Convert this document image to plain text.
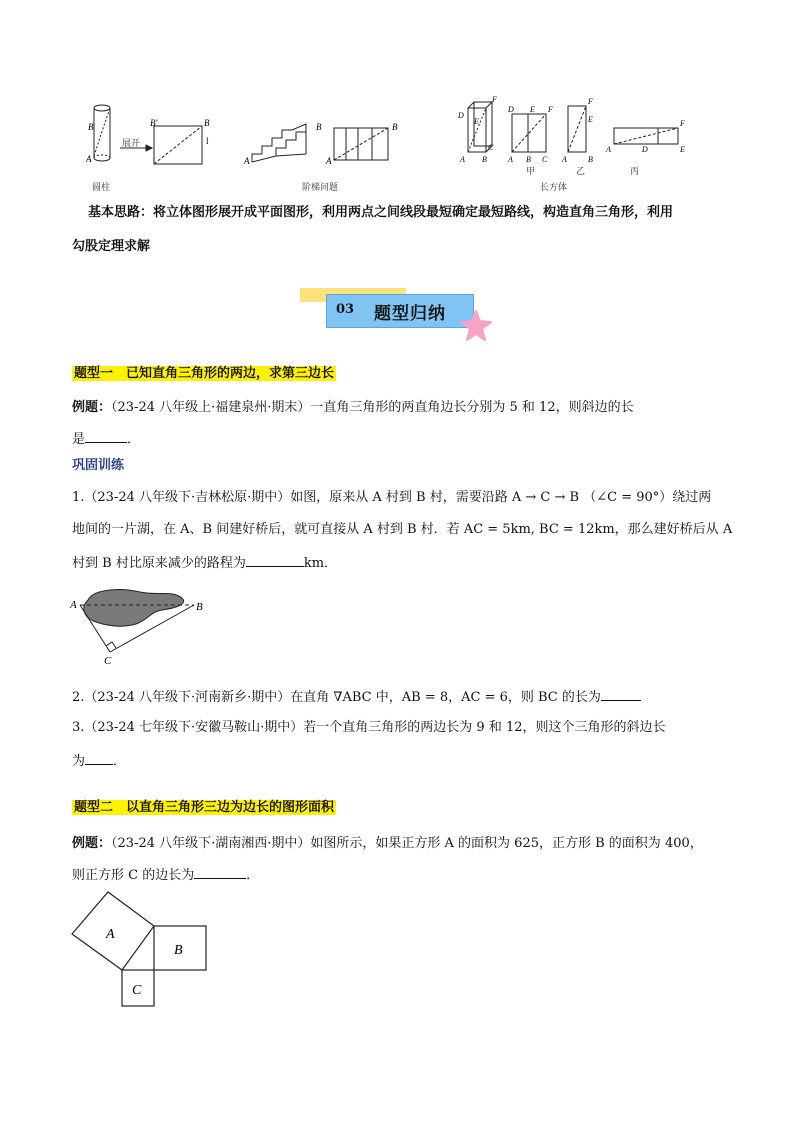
B
A
B'	B
l
B
A
B
A
D
E
F
C
A B
D E F
A B C
F
E
A	B
F
A	D	E
展开
圆柱	阶梯问题
甲	乙	丙
长方体
基本思路：将立体图形展开成平面图形，利用两点之间线段最短确定最短路线，构造直角三角形，利用
勾股定理求解
03 题型归纳
题型一　已知直角三角形的两边，求第三边长
例题：（23-24 八年级上·福建泉州·期末）一直角三角形的两直角边长分别为 5 和 12，则斜边的长
是	．
巩固训练
1.（23-24 八年级下·吉林松原·期中）如图，原来从 A 村到 B 村，需要沿路 A → C → B （∠C = 90°）绕过两
地间的一片湖，在 A、B 间建好桥后，就可直接从 A 村到 B 村．若 AC = 5km, BC = 12km，那么建好桥后从 A
村到 B 村比原来减少的路程为	km．
A	B
C
2.（23-24 八年级下·河南新乡·期中）在直角 ∇ABC 中，AB = 8，AC = 6，则 BC 的长为
3.（23-24 七年级下·安徽马鞍山·期中）若一个直角三角形的两边长为 9 和 12，则这个三角形的斜边长
为 ．
题型二　以直角三角形三边为边长的图形面积
例题：（23-24 八年级下·湖南湘西·期中）如图所示，如果正方形 A 的面积为 625，正方形 B 的面积为 400，
则正方形 C 的边长为	．
A
B
C
